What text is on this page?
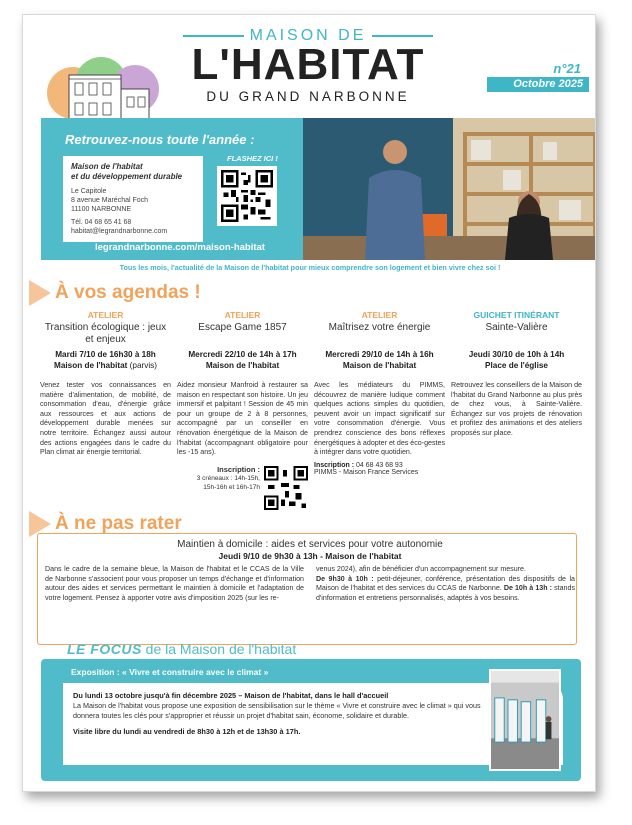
MAISON DE
L'HABITAT
DU GRAND NARBONNE
n°21
Octobre 2025
Retrouvez-nous toute l'année :
Maison de l'habitat
et du développement durable
Le Capitole
8 avenue Maréchal Foch
11100 NARBONNE
Tél. 04 68 65 41 68
habitat@legrandnarbonne.com
FLASHEZ ICI !
legrandnarbonne.com/maison-habitat
Tous les mois, l'actualité de la Maison de l'habitat pour mieux comprendre son logement et bien vivre chez soi !
À vos agendas !
ATELIER
Transition écologique : jeux et enjeux
Mardi 7/10 de 16h30 à 18h
Maison de l'habitat (parvis)
Venez tester vos connaissances en matière d'alimentation, de mobilité, de consommation d'eau, d'énergie grâce aux ressources et aux actions de développement durable menées sur notre territoire. Échangez aussi autour des actions engagées dans le cadre du Plan climat air énergie territorial.
ATELIER
Escape Game 1857
Mercredi 22/10 de 14h à 17h
Maison de l'habitat
Aidez monsieur Manfroid à restaurer sa maison en respectant son histoire. Un jeu immersif et palpitant ! Session de 45 min pour un groupe de 2 à 8 personnes, accompagné par un conseiller en rénovation énergétique de la Maison de l'habitat (accompagnant obligatoire pour les -15 ans).
Inscription :
3 créneaux : 14h-15h,
15h-16h et 16h-17h
ATELIER
Maîtrisez votre énergie
Mercredi 29/10 de 14h à 16h
Maison de l'habitat
Avec les médiateurs du PIMMS, découvrez de manière ludique comment quelques actions simples du quotidien, peuvent avoir un impact significatif sur votre consommation d'énergie. Vous prendrez conscience des bons réflexes énergétiques à adopter et des éco-gestes à intégrer dans votre quotidien.
Inscription : 04 68 43 68 93
PIMMS - Maison France Services
GUICHET ITINÉRANT
Sainte-Valière
Jeudi 30/10 de 10h à 14h
Place de l'église
Retrouvez les conseillers de la Maison de l'habitat du Grand Narbonne au plus près de chez vous, à Sainte-Valière. Échangez sur vos projets de rénovation et profitez des animations et des ateliers proposés sur place.
À ne pas rater
Maintien à domicile : aides et services pour votre autonomie
Jeudi 9/10 de 9h30 à 13h - Maison de l'habitat

Dans le cadre de la semaine bleue, la Maison de l'habitat et le CCAS de la Ville de Narbonne s'associent pour vous proposer un temps d'échange et d'information autour des aides et services permettant le maintien à domicile et l'adaptation de votre logement. Pensez à apporter votre avis d'imposition 2025 (sur les re-

venus 2024), afin de bénéficier d'un accompagnement sur mesure.
De 9h30 à 10h : petit-déjeuner, conférence, présentation des dispositifs de la Maison de l'habitat et des services du CCAS de Narbonne. De 10h à 13h : stands d'information et entretiens personnalisés, adaptés à vos besoins.

LE FOCUS de la Maison de l'habitat
Exposition : « Vivre et construire avec le climat »
Du lundi 13 octobre jusqu'à fin décembre 2025 – Maison de l'habitat, dans le hall d'accueil
La Maison de l'habitat vous propose une exposition de sensibilisation sur le thème « Vivre et construire avec le climat » qui vous donnera toutes les clés pour s'approprier et réussir un projet d'habitat sain, économe, solidaire et durable.
Visite libre du lundi au vendredi de 8h30 à 12h et de 13h30 à 17h.
